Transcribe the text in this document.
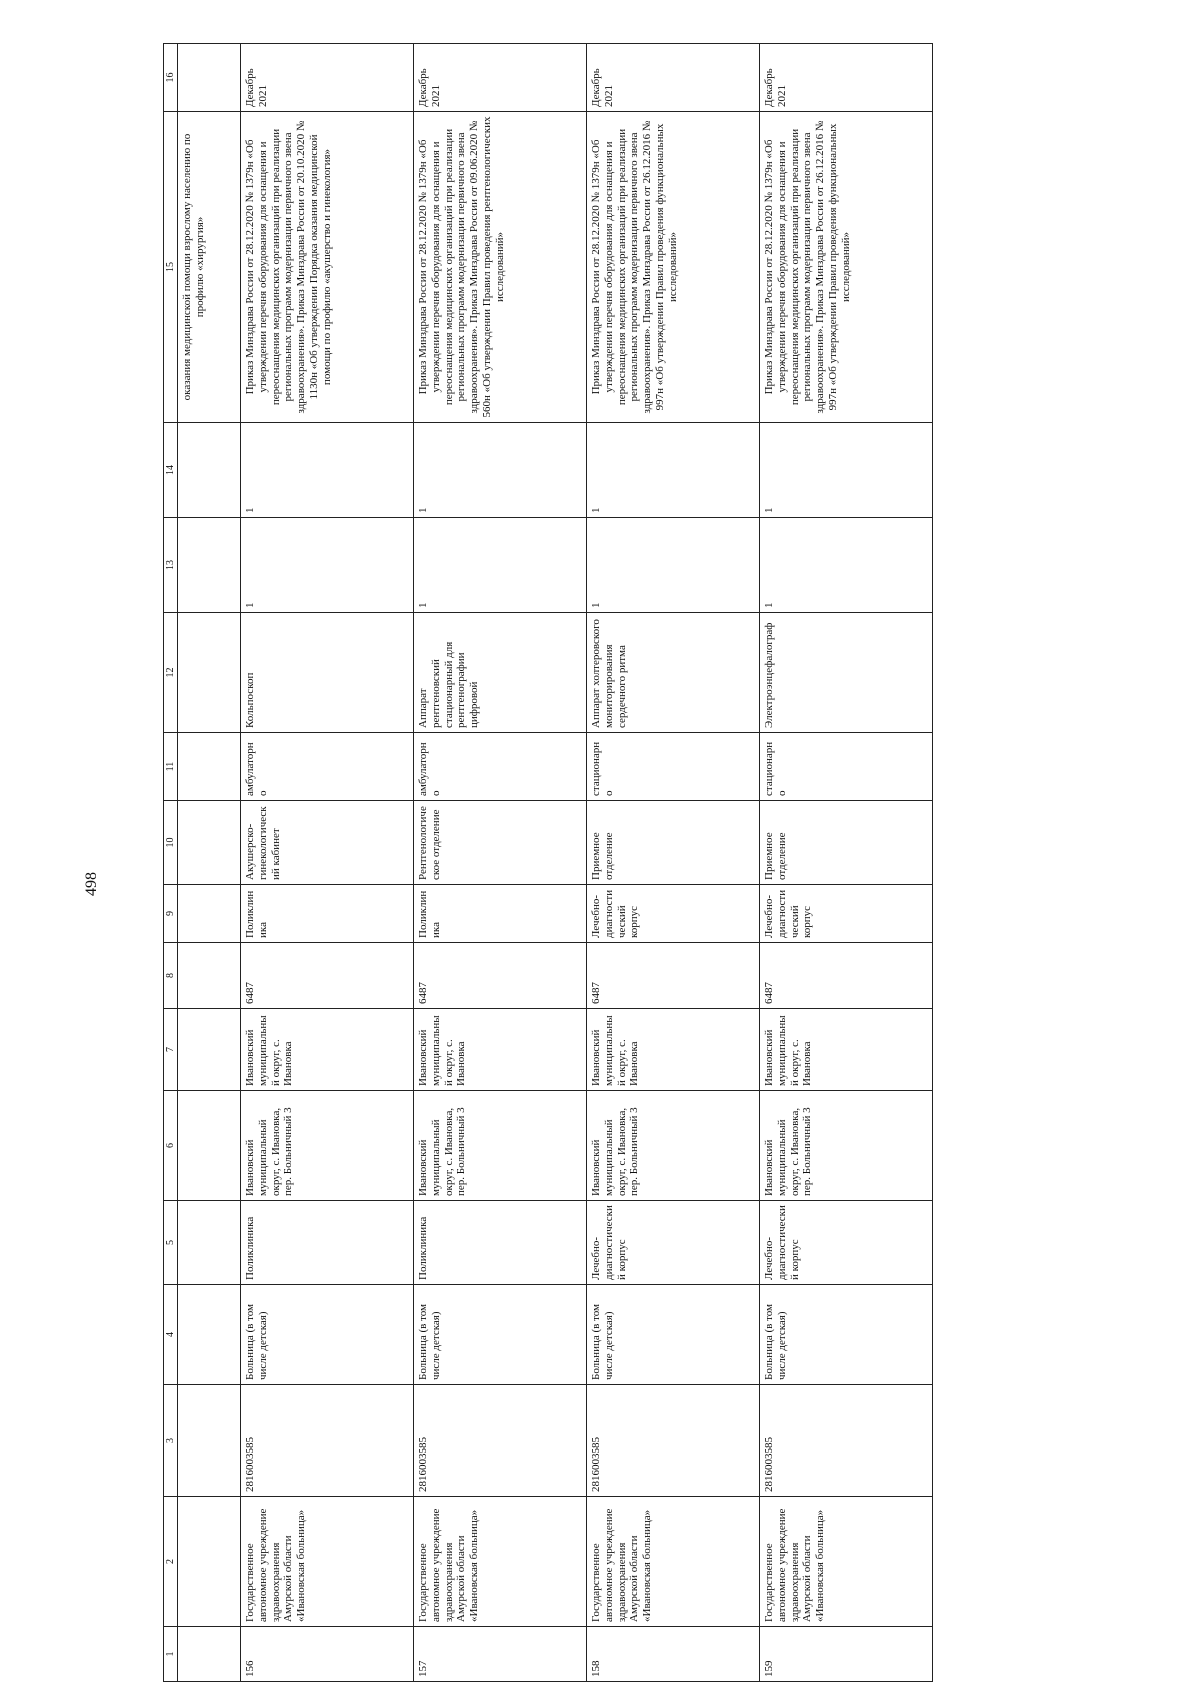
498
1	2	3	4	5	6	7	8	9	10	11	12	13	14	15	16
														оказания медицинской помощи взрослому населению по профилю «хирургия»	
156	Государственное автономное учреждение здравоохранения Амурской области «Ивановская больница»	2816003585	Больница (в том числе детская)	Поликлиника	Ивановский муниципальный округ, с. Ивановка, пер. Больничный 3	Ивановский муниципальный округ, с. Ивановка	6487	Поликлиника	Акушерско-гинекологический кабинет	амбулаторно	Кольпоскоп	1	1	Приказ Минздрава России от 28.12.2020 № 1379н «Об утверждении перечня оборудования для оснащения и переоснащения медицинских организаций при реализации региональных программ модернизации первичного звена здравоохранения». Приказ Минздрава России от 20.10.2020 № 1130н «Об утверждении Порядка оказания медицинской помощи по профилю «акушерство и гинекология»	Декабрь 2021
157	Государственное автономное учреждение здравоохранения Амурской области «Ивановская больница»	2816003585	Больница (в том числе детская)	Поликлиника	Ивановский муниципальный округ, с. Ивановка, пер. Больничный 3	Ивановский муниципальный округ, с. Ивановка	6487	Поликлиника	Рентгенологическое отделение	амбулаторно	Аппарат рентгеновский стационарный для рентгенографии цифровой	1	1	Приказ Минздрава России от 28.12.2020 № 1379н «Об утверждении перечня оборудования для оснащения и переоснащения медицинских организаций при реализации региональных программ модернизации первичного звена здравоохранения». Приказ Минздрава России от 09.06.2020 № 560н «Об утверждении Правил проведения рентгенологических исследований»	Декабрь 2021
158	Государственное автономное учреждение здравоохранения Амурской области «Ивановская больница»	2816003585	Больница (в том числе детская)	Лечебно-диагностический корпус	Ивановский муниципальный округ, с. Ивановка, пер. Больничный 3	Ивановский муниципальный округ, с. Ивановка	6487	Лечебно-диагностический корпус	Приемное отделение	стационарно	Аппарат холтеровского мониторирования сердечного ритма	1	1	Приказ Минздрава России от 28.12.2020 № 1379н «Об утверждении перечня оборудования для оснащения и переоснащения медицинских организаций при реализации региональных программ модернизации первичного звена здравоохранения». Приказ Минздрава России от 26.12.2016 № 997н «Об утверждении Правил проведения функциональных исследований»	Декабрь 2021
159	Государственное автономное учреждение здравоохранения Амурской области «Ивановская больница»	2816003585	Больница (в том числе детская)	Лечебно-диагностический корпус	Ивановский муниципальный округ, с. Ивановка, пер. Больничный 3	Ивановский муниципальный округ, с. Ивановка	6487	Лечебно-диагностический корпус	Приемное отделение	стационарно	Электроэнцефалограф	1	1	Приказ Минздрава России от 28.12.2020 № 1379н «Об утверждении перечня оборудования для оснащения и переоснащения медицинских организаций при реализации региональных программ модернизации первичного звена здравоохранения». Приказ Минздрава России от 26.12.2016 № 997н «Об утверждении Правил проведения функциональных исследований»	Декабрь 2021
